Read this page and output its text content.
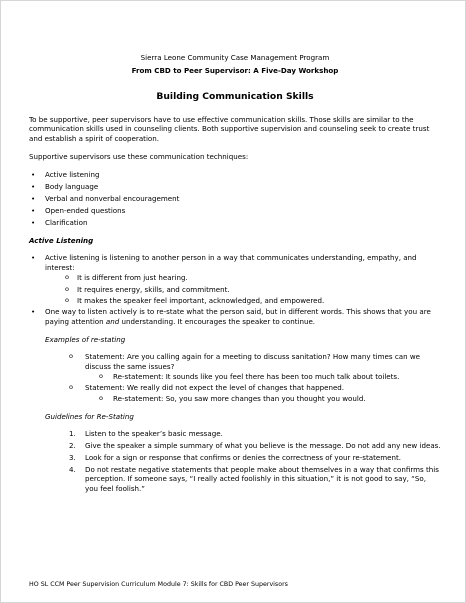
Sierra Leone Community Case Management Program
From CBD to Peer Supervisor: A Five-Day Workshop
Building Communication Skills

To be supportive, peer supervisors have to use effective communication skills. Those skills are similar to the communication skills used in counseling clients. Both supportive supervision and counseling seek to create trust and establish a spirit of cooperation.

Supportive supervisors use these communication techniques:

• Active listening
• Body language
• Verbal and nonverbal encouragement
• Open-ended questions
• Clarification
Active Listening
• Active listening is listening to another person in a way that communicates understanding, empathy, and interest:
o It is different from just hearing.
o It requires energy, skills, and commitment.
o It makes the speaker feel important, acknowledged, and empowered.
• One way to listen actively is to re-state what the person said, but in different words. This shows that you are paying attention and understanding. It encourages the speaker to continue.
Examples of re-stating
o Statement: Are you calling again for a meeting to discuss sanitation? How many times can we discuss the same issues?
o Re-statement: It sounds like you feel there has been too much talk about toilets.
o Statement: We really did not expect the level of changes that happened.
o Re-statement: So, you saw more changes than you thought you would.
Guidelines for Re-Stating
1. Listen to the speaker’s basic message.
2. Give the speaker a simple summary of what you believe is the message. Do not add any new ideas.
3. Look for a sign or response that confirms or denies the correctness of your re-statement.
4. Do not restate negative statements that people make about themselves in a way that confirms this perception. If someone says, “I really acted foolishly in this situation,” it is not good to say, “So, you feel foolish.”
HO SL CCM Peer Supervision Curriculum Module 7: Skills for CBD Peer Supervisors
